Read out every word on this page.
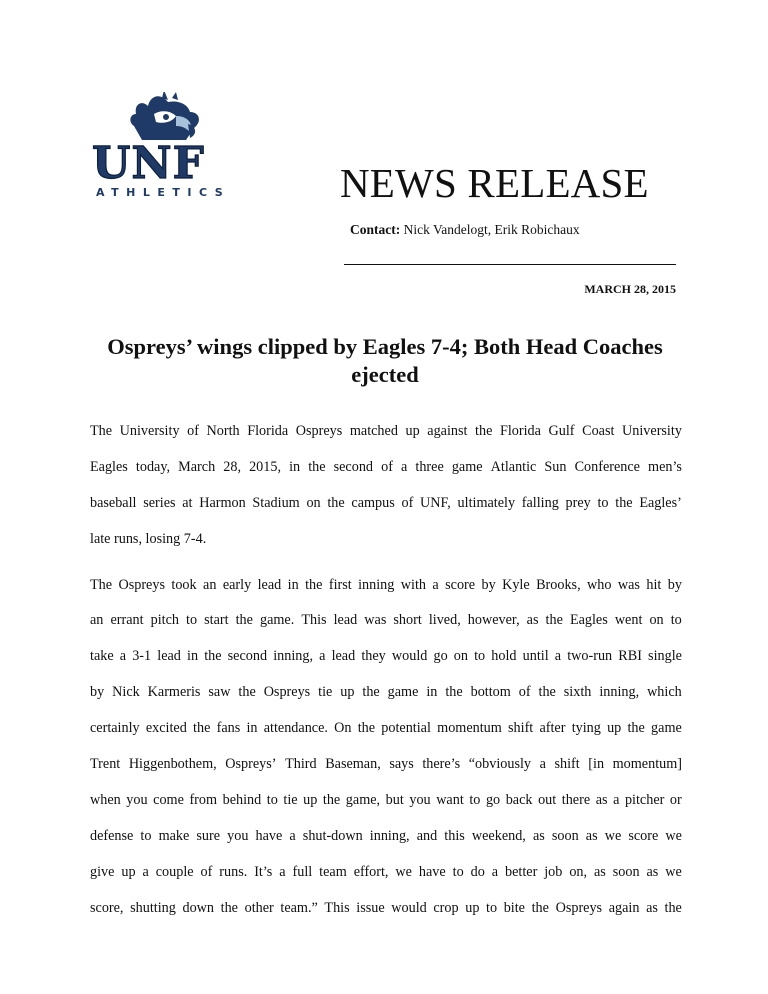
UNF
ATHLETICS	NEWS RELEASE
Contact: Nick Vandelogt, Erik Robichaux
MARCH 28, 2015
Ospreys’ wings clipped by Eagles 7-4; Both Head Coaches ejected

The University of North Florida Ospreys matched up against the Florida Gulf Coast University

Eagles today, March 28, 2015, in the second of a three game Atlantic Sun Conference men’s

baseball series at Harmon Stadium on the campus of UNF, ultimately falling prey to the Eagles’

late runs, losing 7-4.

The Ospreys took an early lead in the first inning with a score by Kyle Brooks, who was hit by

an errant pitch to start the game. This lead was short lived, however, as the Eagles went on to

take a 3-1 lead in the second inning, a lead they would go on to hold until a two-run RBI single

by Nick Karmeris saw the Ospreys tie up the game in the bottom of the sixth inning, which

certainly excited the fans in attendance. On the potential momentum shift after tying up the game

Trent Higgenbothem, Ospreys’ Third Baseman, says there’s “obviously a shift [in momentum]

when you come from behind to tie up the game, but you want to go back out there as a pitcher or

defense to make sure you have a shut-down inning, and this weekend, as soon as we score we

give up a couple of runs. It’s a full team effort, we have to do a better job on, as soon as we

score, shutting down the other team.” This issue would crop up to bite the Ospreys again as the
